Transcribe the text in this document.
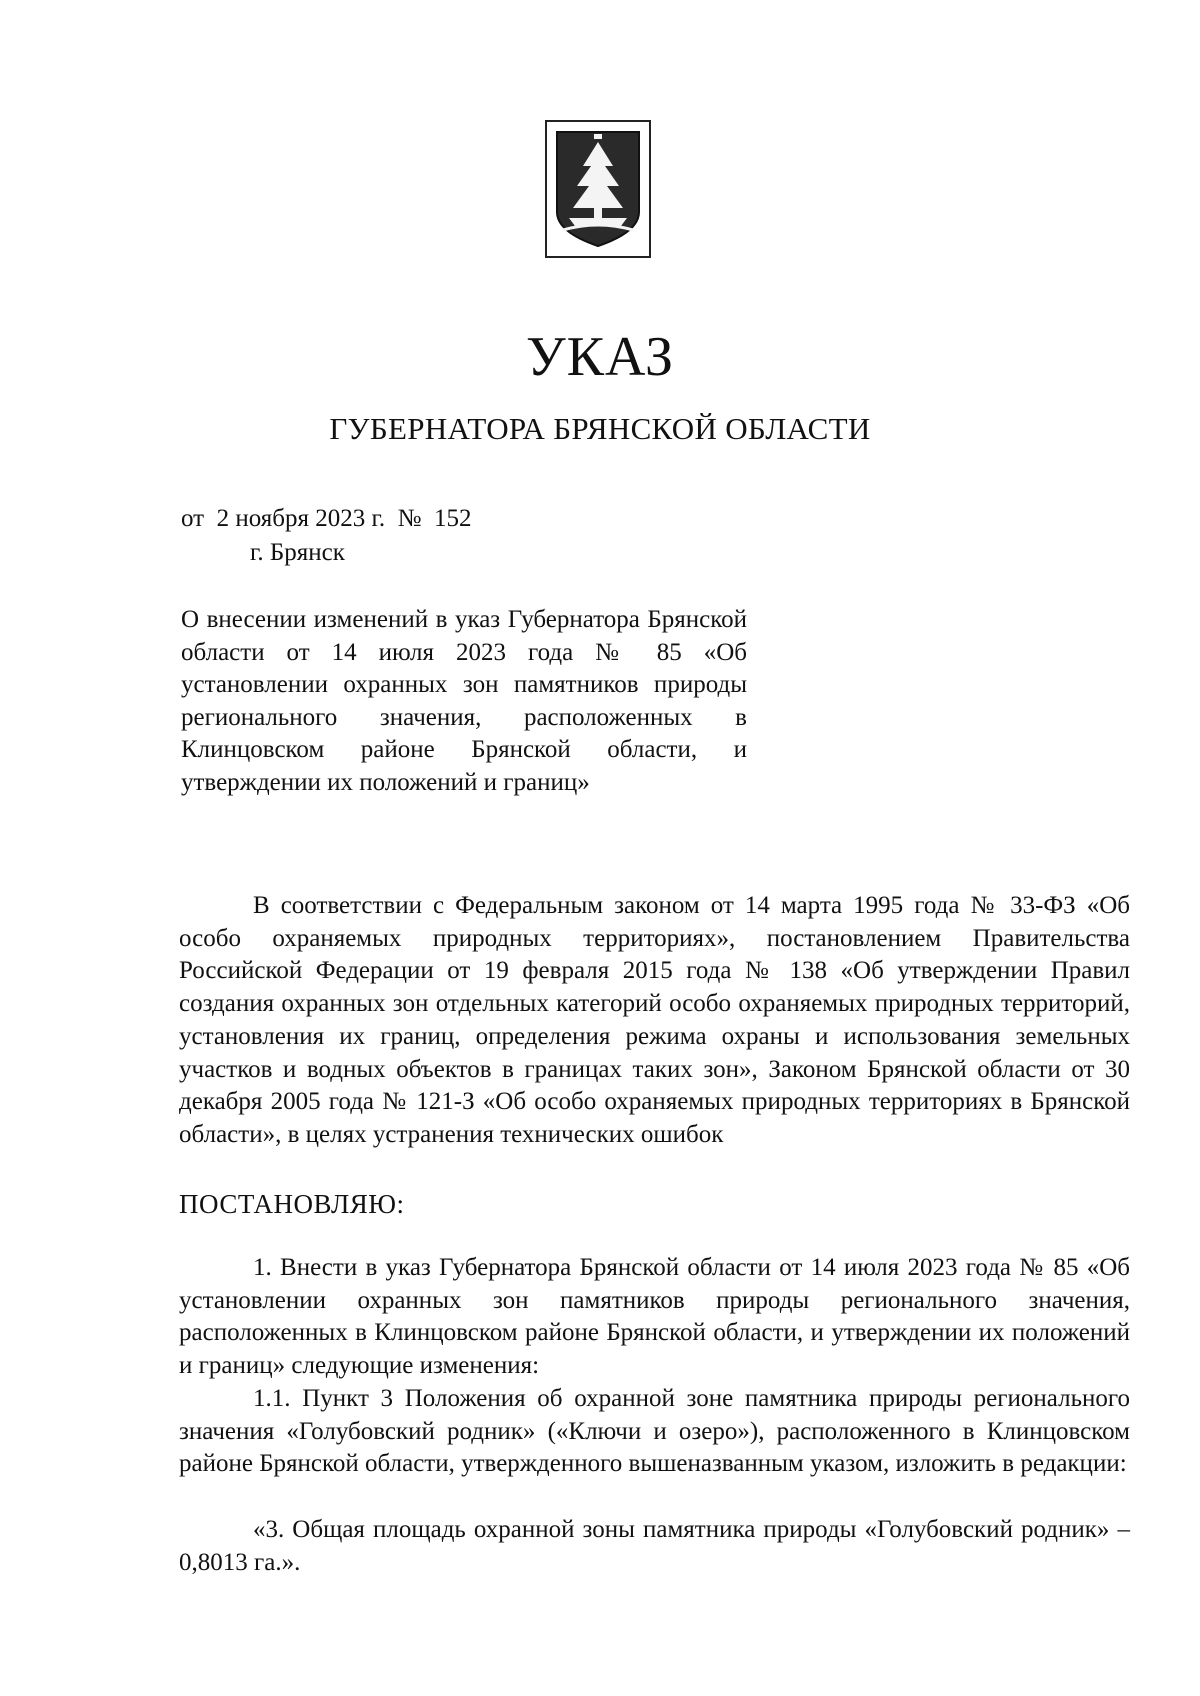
УКАЗ
ГУБЕРНАТОРА БРЯНСКОЙ ОБЛАСТИ
от  2 ноября 2023 г.  №  152
г. Брянск
О внесении изменений в указ Губернатора Брянской области от 14 июля 2023 года № 85 «Об установлении охранных зон памятников природы регионального значения, расположенных в Клинцовском районе Брянской области, и утверждении их положений и границ»

В соответствии с Федеральным законом от 14 марта 1995 года № 33-ФЗ «Об особо охраняемых природных территориях», постановлением Правительства Российской Федерации от 19 февраля 2015 года № 138 «Об утверждении Правил создания охранных зон отдельных категорий особо охраняемых природных территорий, установления их границ, определения режима охраны и использования земельных участков и водных объектов в границах таких зон», Законом Брянской области от 30 декабря 2005 года № 121-З «Об особо охраняемых природных территориях в Брянской области», в целях устранения технических ошибок

ПОСТАНОВЛЯЮ:

1. Внести в указ Губернатора Брянской области от 14 июля 2023 года № 85 «Об установлении охранных зон памятников природы регионального значения, расположенных в Клинцовском районе Брянской области, и утверждении их положений и границ» следующие изменения:

1.1. Пункт 3 Положения об охранной зоне памятника природы регионального значения «Голубовский родник» («Ключи и озеро»), расположенного в Клинцовском районе Брянской области, утвержденного вышеназванным указом, изложить в редакции:

«3. Общая площадь охранной зоны памятника природы «Голубовский родник» – 0,8013 га.».
